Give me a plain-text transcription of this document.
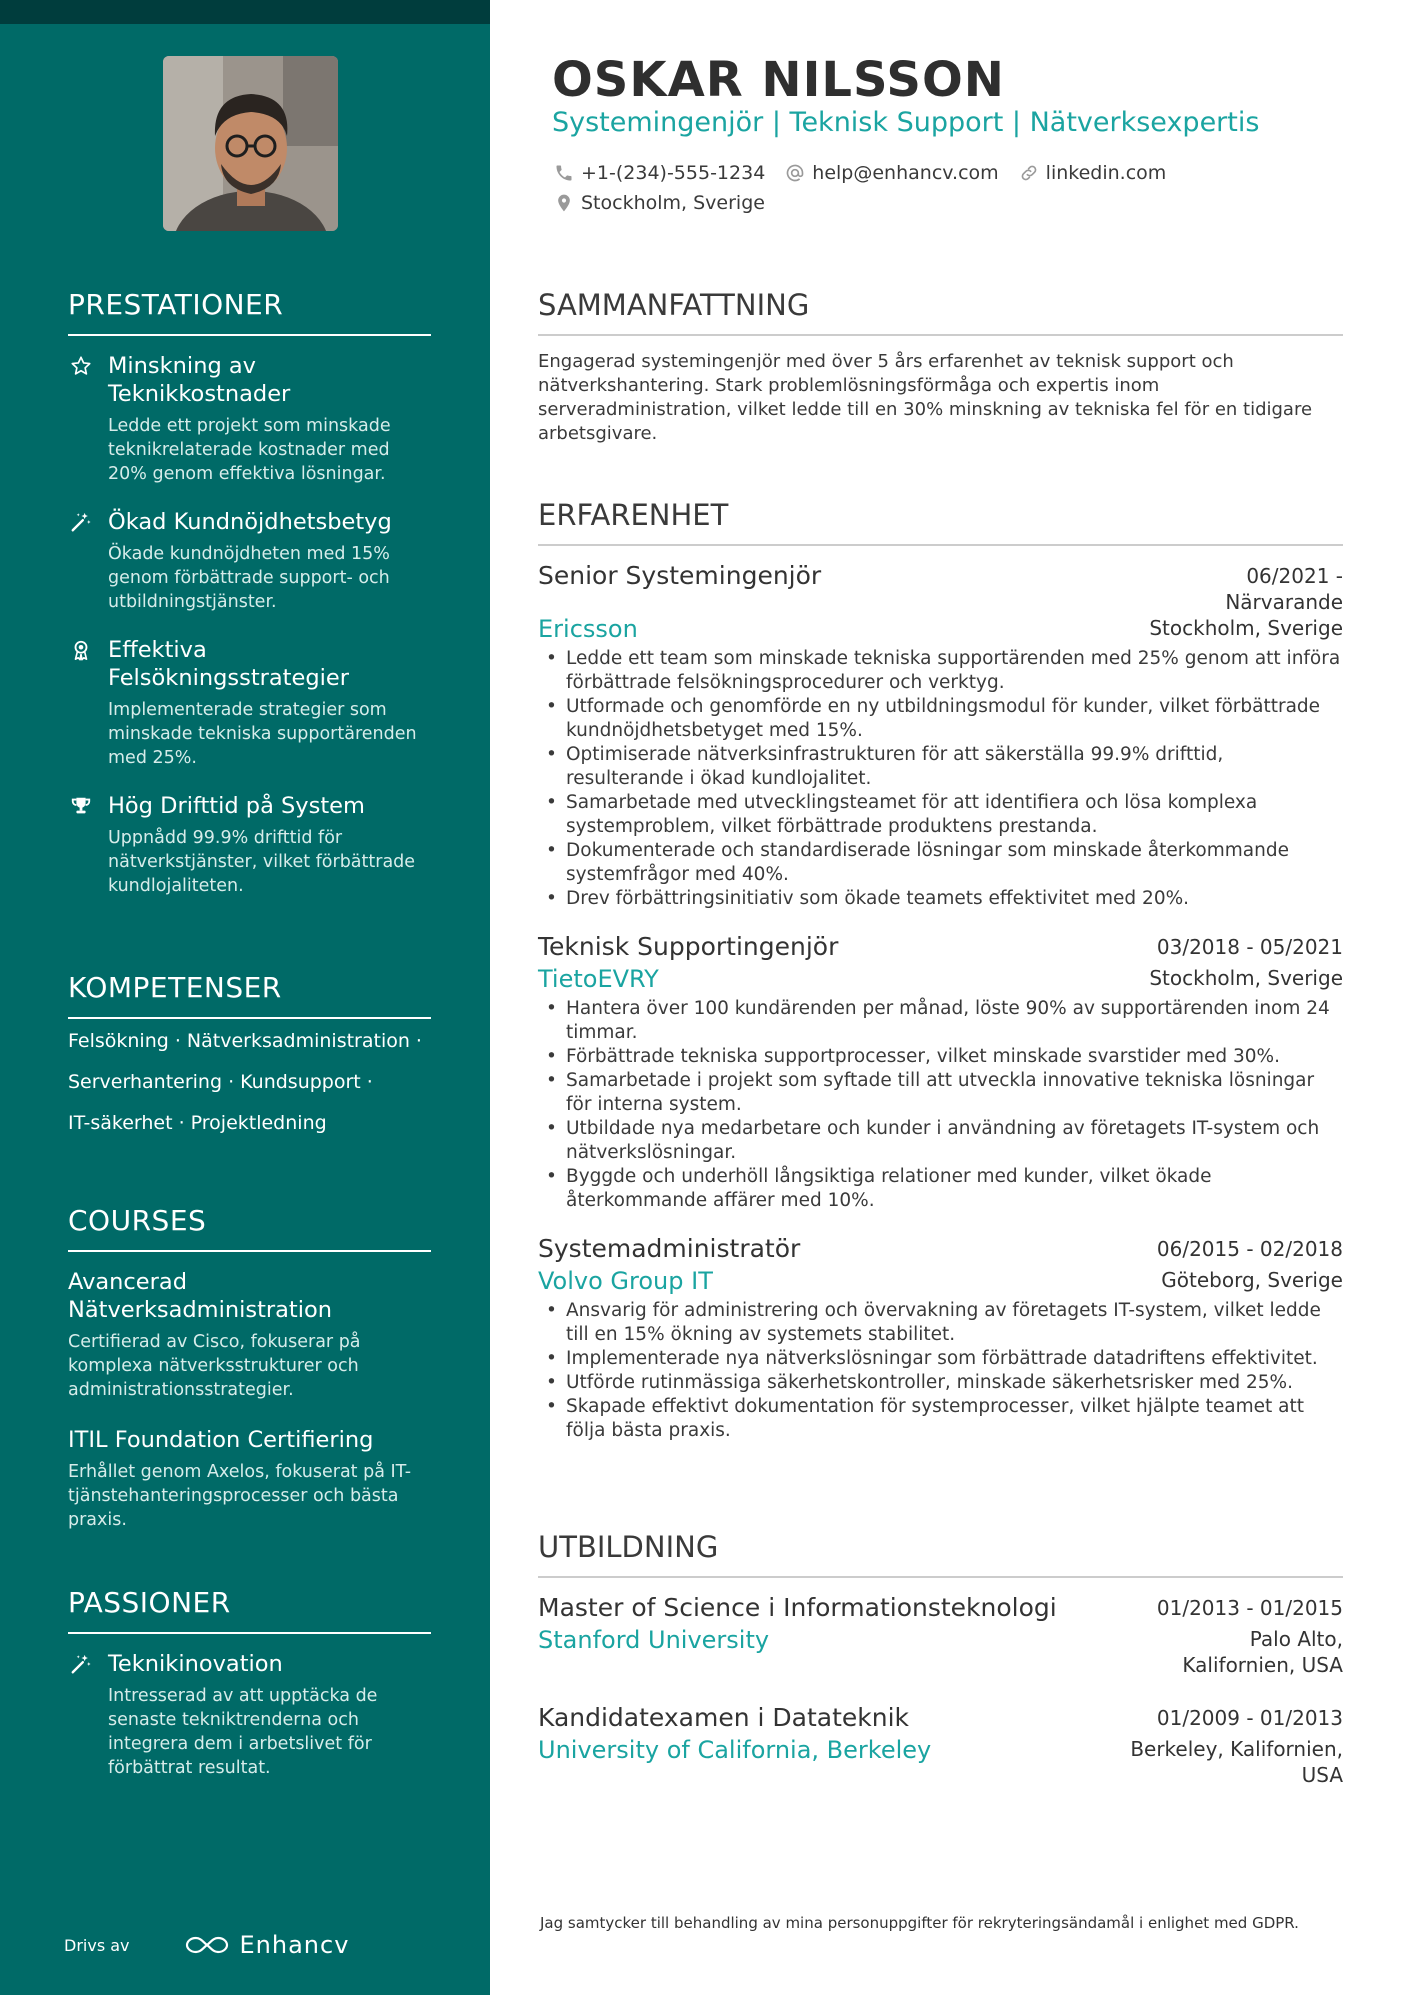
PRESTATIONER
Minskning av Teknikkostnader
Ledde ett projekt som minskade teknikrelaterade kostnader med 20% genom effektiva lösningar.
Ökad Kundnöjdhetsbetyg
Ökade kundnöjdheten med 15% genom förbättrade support- och utbildningstjänster.
Effektiva Felsökningsstrategier
Implementerade strategier som minskade tekniska supportärenden med 25%.
Hög Drifttid på System
Uppnådd 99.9% drifttid för nätverkstjänster, vilket förbättrade kundlojaliteten.
KOMPETENSER
Felsökning · Nätverksadministration ·
Serverhantering · Kundsupport ·
IT-säkerhet · Projektledning
COURSES
Avancerad Nätverksadministration
Certifierad av Cisco, fokuserar på komplexa nätverksstrukturer och administrationsstrategier.
ITIL Foundation Certifiering
Erhållet genom Axelos, fokuserat på IT-tjänstehanteringsprocesser och bästa praxis.
PASSIONER
Teknikinovation
Intresserad av att upptäcka de senaste tekniktrenderna och integrera dem i arbetslivet för förbättrat resultat.
Drivs av	Enhancv
OSKAR NILSSON
Systemingenjör | Teknisk Support | Nätverksexpertis
+1-(234)-555-1234 help@enhancv.com linkedin.com
Stockholm, Sverige
SAMMANFATTNING
Engagerad systemingenjör med över 5 års erfarenhet av teknisk support och nätverkshantering. Stark problemlösningsförmåga och expertis inom serveradministration, vilket ledde till en 30% minskning av tekniska fel för en tidigare arbetsgivare.
ERFARENHET
Senior Systemingenjör	06/2021 -
Närvarande
Ericsson	Stockholm, Sverige
• Ledde ett team som minskade tekniska supportärenden med 25% genom att införa förbättrade felsökningsprocedurer och verktyg.
• Utformade och genomförde en ny utbildningsmodul för kunder, vilket förbättrade kundnöjdhetsbetyget med 15%.
• Optimiserade nätverksinfrastrukturen för att säkerställa 99.9% drifttid, resulterande i ökad kundlojalitet.
• Samarbetade med utvecklingsteamet för att identifiera och lösa komplexa systemproblem, vilket förbättrade produktens prestanda.
• Dokumenterade och standardiserade lösningar som minskade återkommande systemfrågor med 40%.
• Drev förbättringsinitiativ som ökade teamets effektivitet med 20%.
Teknisk Supportingenjör	03/2018 - 05/2021
TietoEVRY	Stockholm, Sverige
• Hantera över 100 kundärenden per månad, löste 90% av supportärenden inom 24 timmar.
• Förbättrade tekniska supportprocesser, vilket minskade svarstider med 30%.
• Samarbetade i projekt som syftade till att utveckla innovative tekniska lösningar för interna system.
• Utbildade nya medarbetare och kunder i användning av företagets IT-system och nätverkslösningar.
• Byggde och underhöll långsiktiga relationer med kunder, vilket ökade återkommande affärer med 10%.
Systemadministratör	06/2015 - 02/2018
Volvo Group IT	Göteborg, Sverige
• Ansvarig för administrering och övervakning av företagets IT-system, vilket ledde till en 15% ökning av systemets stabilitet.
• Implementerade nya nätverkslösningar som förbättrade datadriftens effektivitet.
• Utförde rutinmässiga säkerhetskontroller, minskade säkerhetsrisker med 25%.
• Skapade effektivt dokumentation för systemprocesser, vilket hjälpte teamet att följa bästa praxis.
UTBILDNING
Master of Science i Informationsteknologi	01/2013 - 01/2015
Stanford University	Palo Alto,
Kalifornien, USA
Kandidatexamen i Datateknik	01/2009 - 01/2013
University of California, Berkeley	Berkeley, Kalifornien,
USA
Jag samtycker till behandling av mina personuppgifter för rekryteringsändamål i enlighet med GDPR.
